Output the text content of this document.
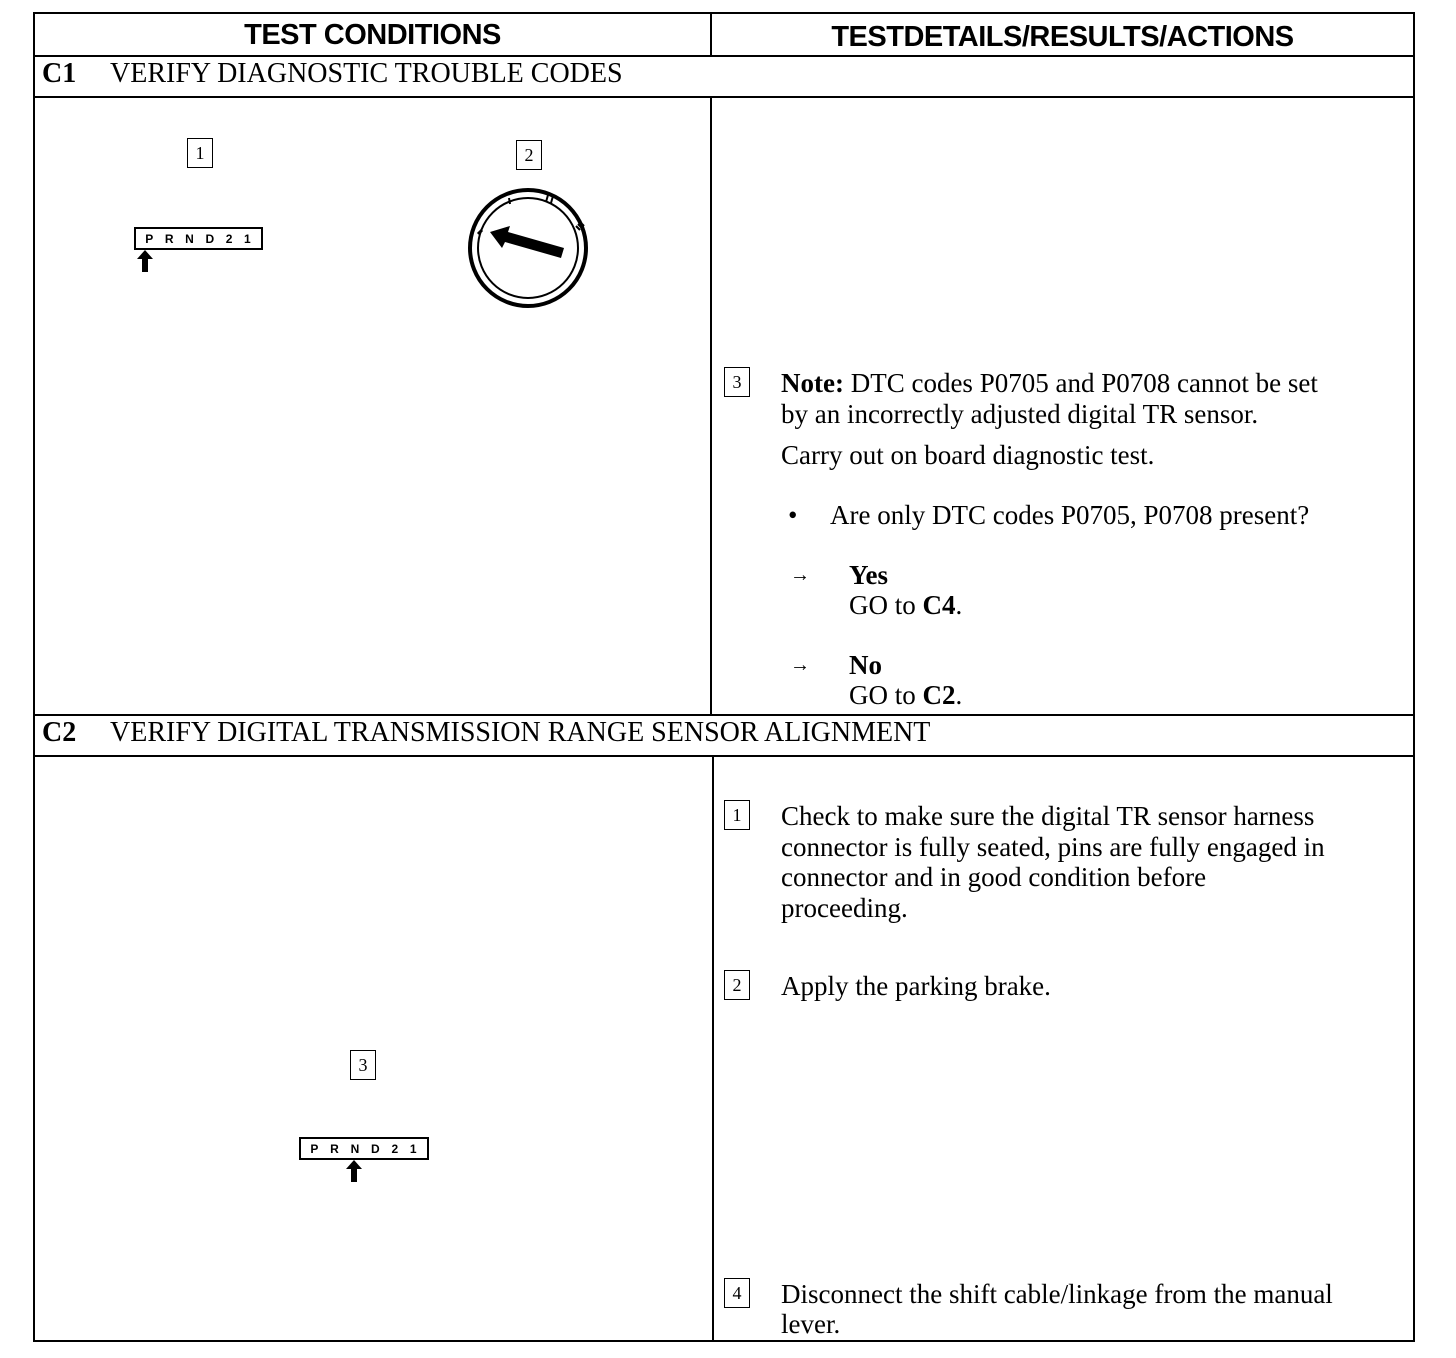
TEST CONDITIONS	TESTDETAILS/RESULTS/ACTIONS
C1 VERIFY DIAGNOSTIC TROUBLE CODES
1	2
P R N D 2 1
3	Note: DTC codes P0705 and P0708 cannot be set
by an incorrectly adjusted digital TR sensor.
Carry out on board diagnostic test.
• Are only DTC codes P0705, P0708 present?
→ Yes
GO to C4.
→ No
GO to C2.
C2 VERIFY DIGITAL TRANSMISSION RANGE SENSOR ALIGNMENT
3
P R N D 2 1
1	Check to make sure the digital TR sensor harness
connector is fully seated, pins are fully engaged in
connector and in good condition before
proceeding.
2	Apply the parking brake.
4	Disconnect the shift cable/linkage from the manual
lever.
